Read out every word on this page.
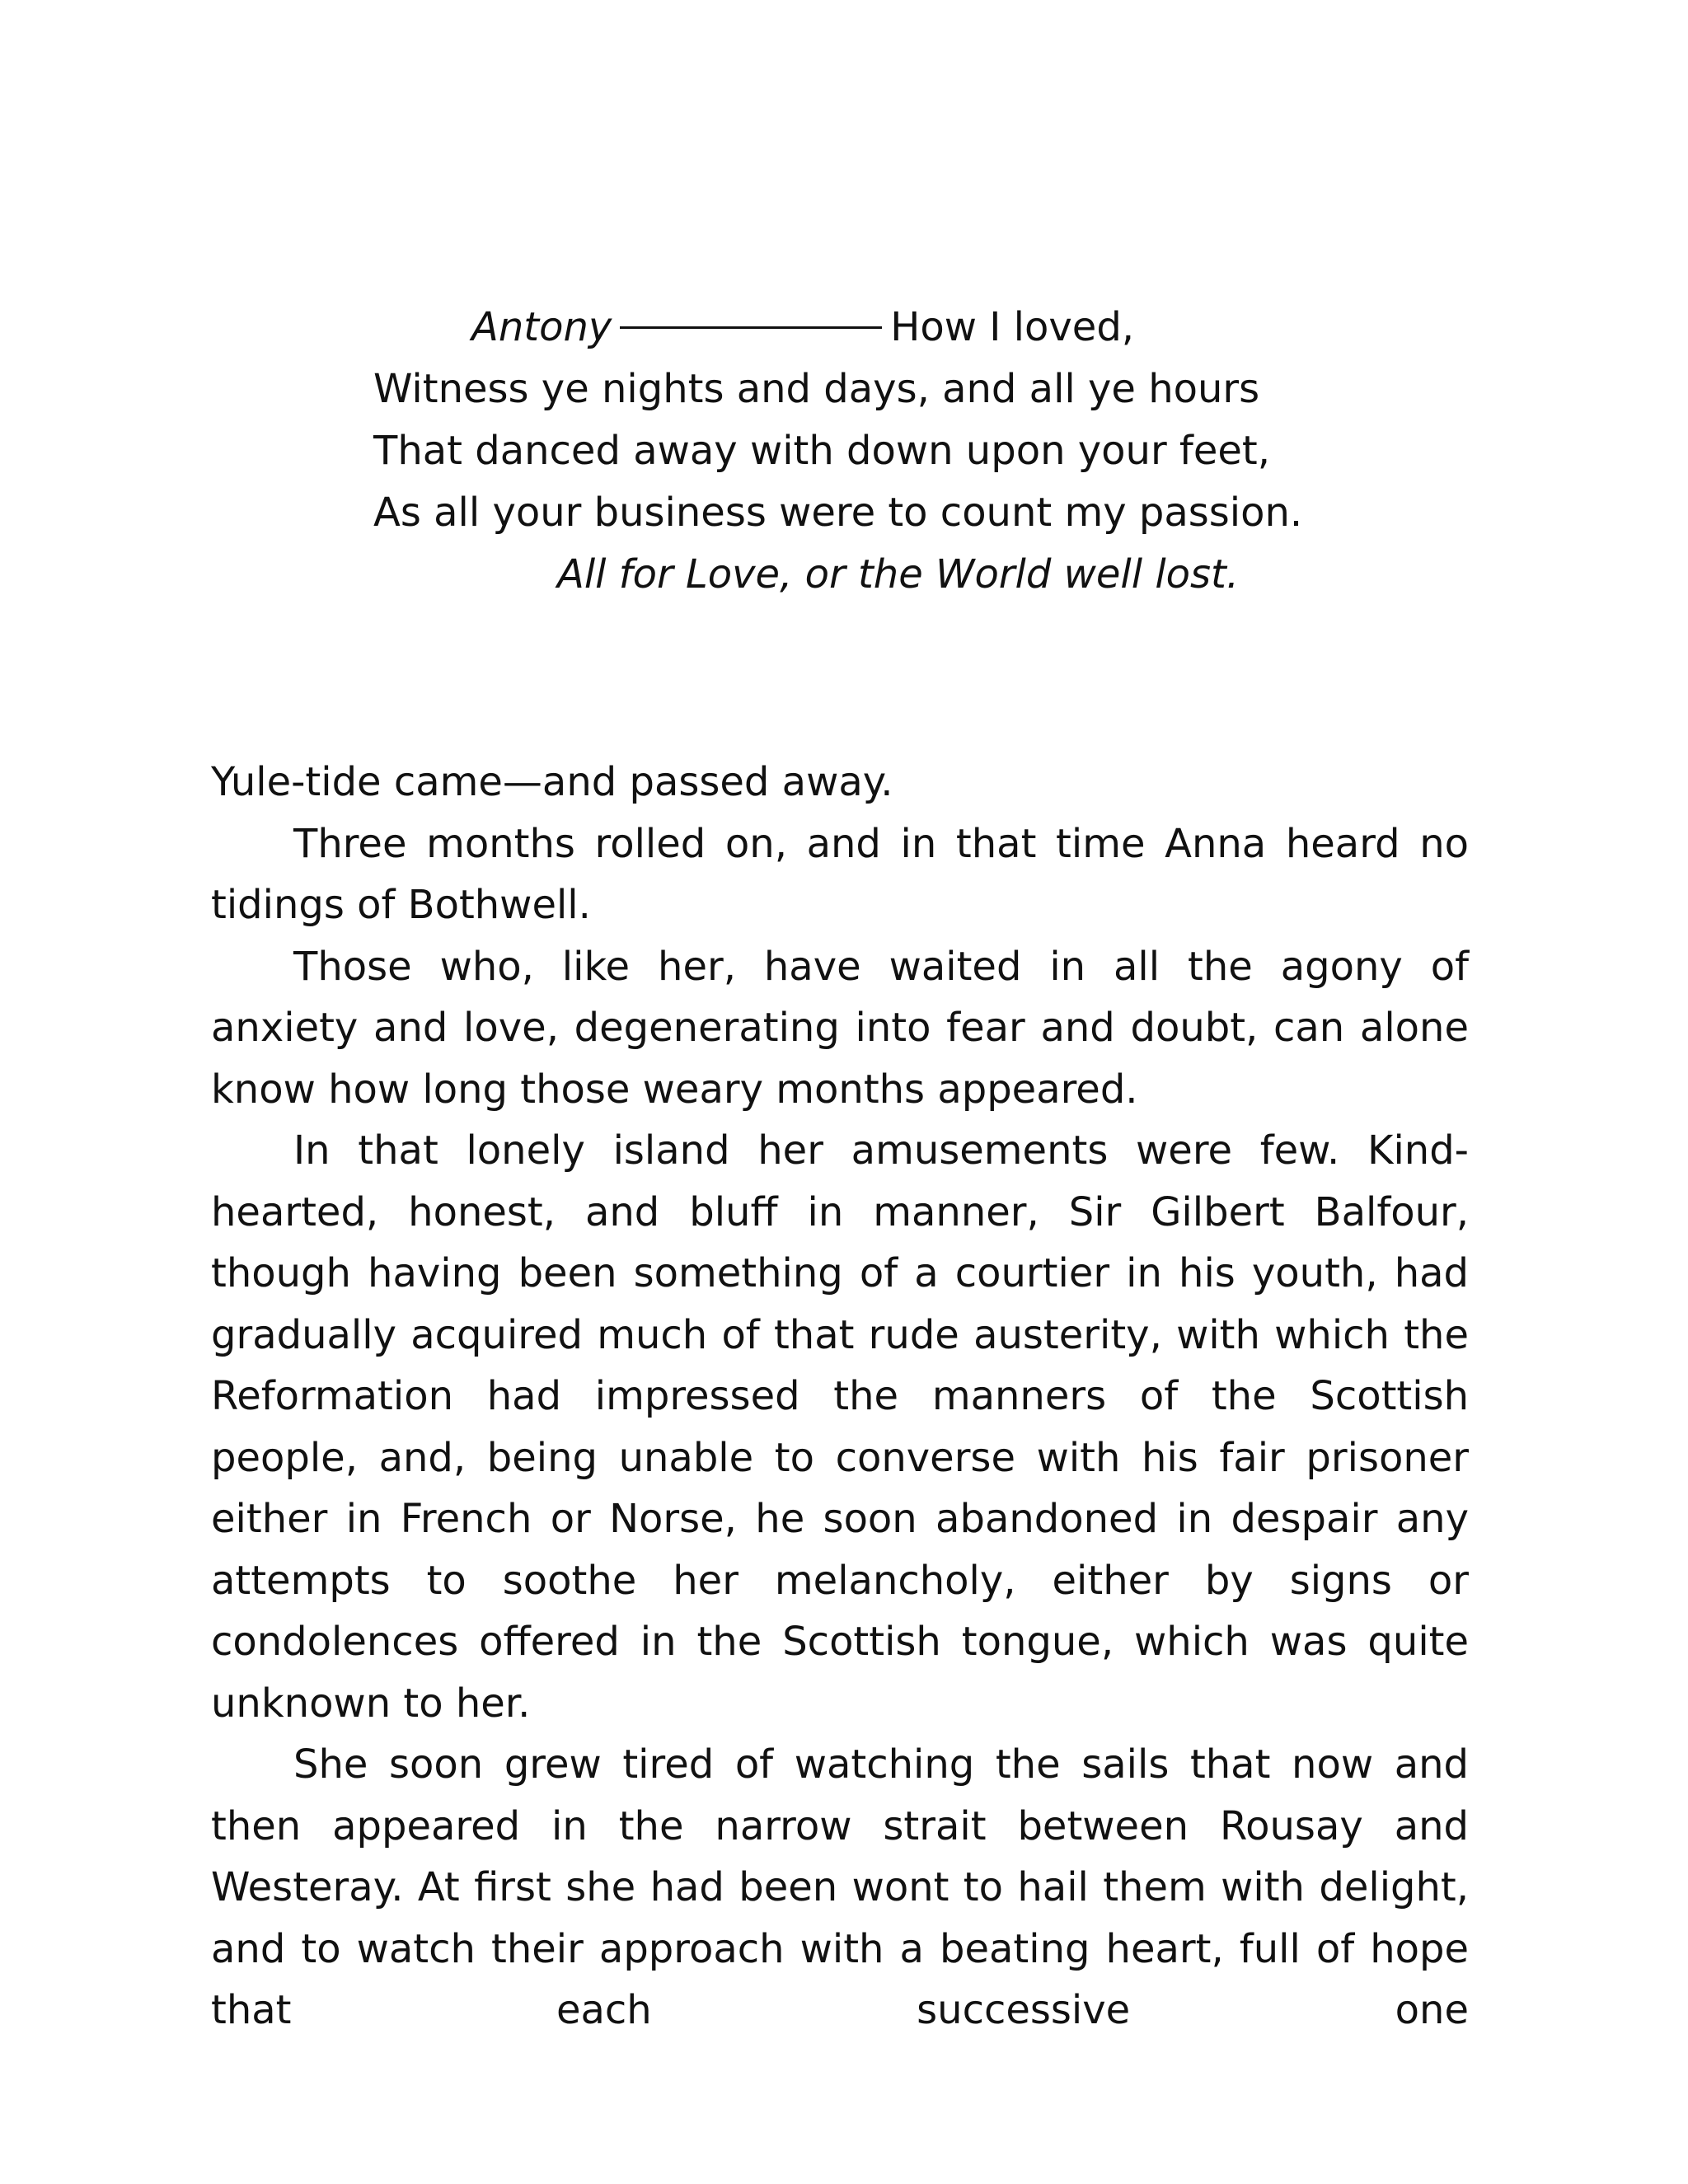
Antony	How I loved,
Witness ye nights and days, and all ye hours
That danced away with down upon your feet,
As all your business were to count my passion.
All for Love, or the World well lost.

Yule-tide came—and passed away.

Three months rolled on, and in that time Anna heard no tidings of Bothwell.

Those who, like her, have waited in all the agony of anxiety and love, degenerating into fear and doubt, can alone know how long those weary months appeared.

In that lonely island her amusements were few. Kind-hearted, honest, and bluff in manner, Sir Gilbert Balfour, though having been something of a courtier in his youth, had gradually acquired much of that rude austerity, with which the Reformation had impressed the manners of the Scottish people, and, being unable to converse with his fair prisoner either in French or Norse, he soon abandoned in despair any attempts to soothe her melancholy, either by signs or condolences offered in the Scottish tongue, which was quite unknown to her.

She soon grew tired of watching the sails that now and then appeared in the narrow strait between Rousay and Westeray. At first she had been wont to hail them with delight, and to watch their approach with a beating heart, full of hope that each successive one
